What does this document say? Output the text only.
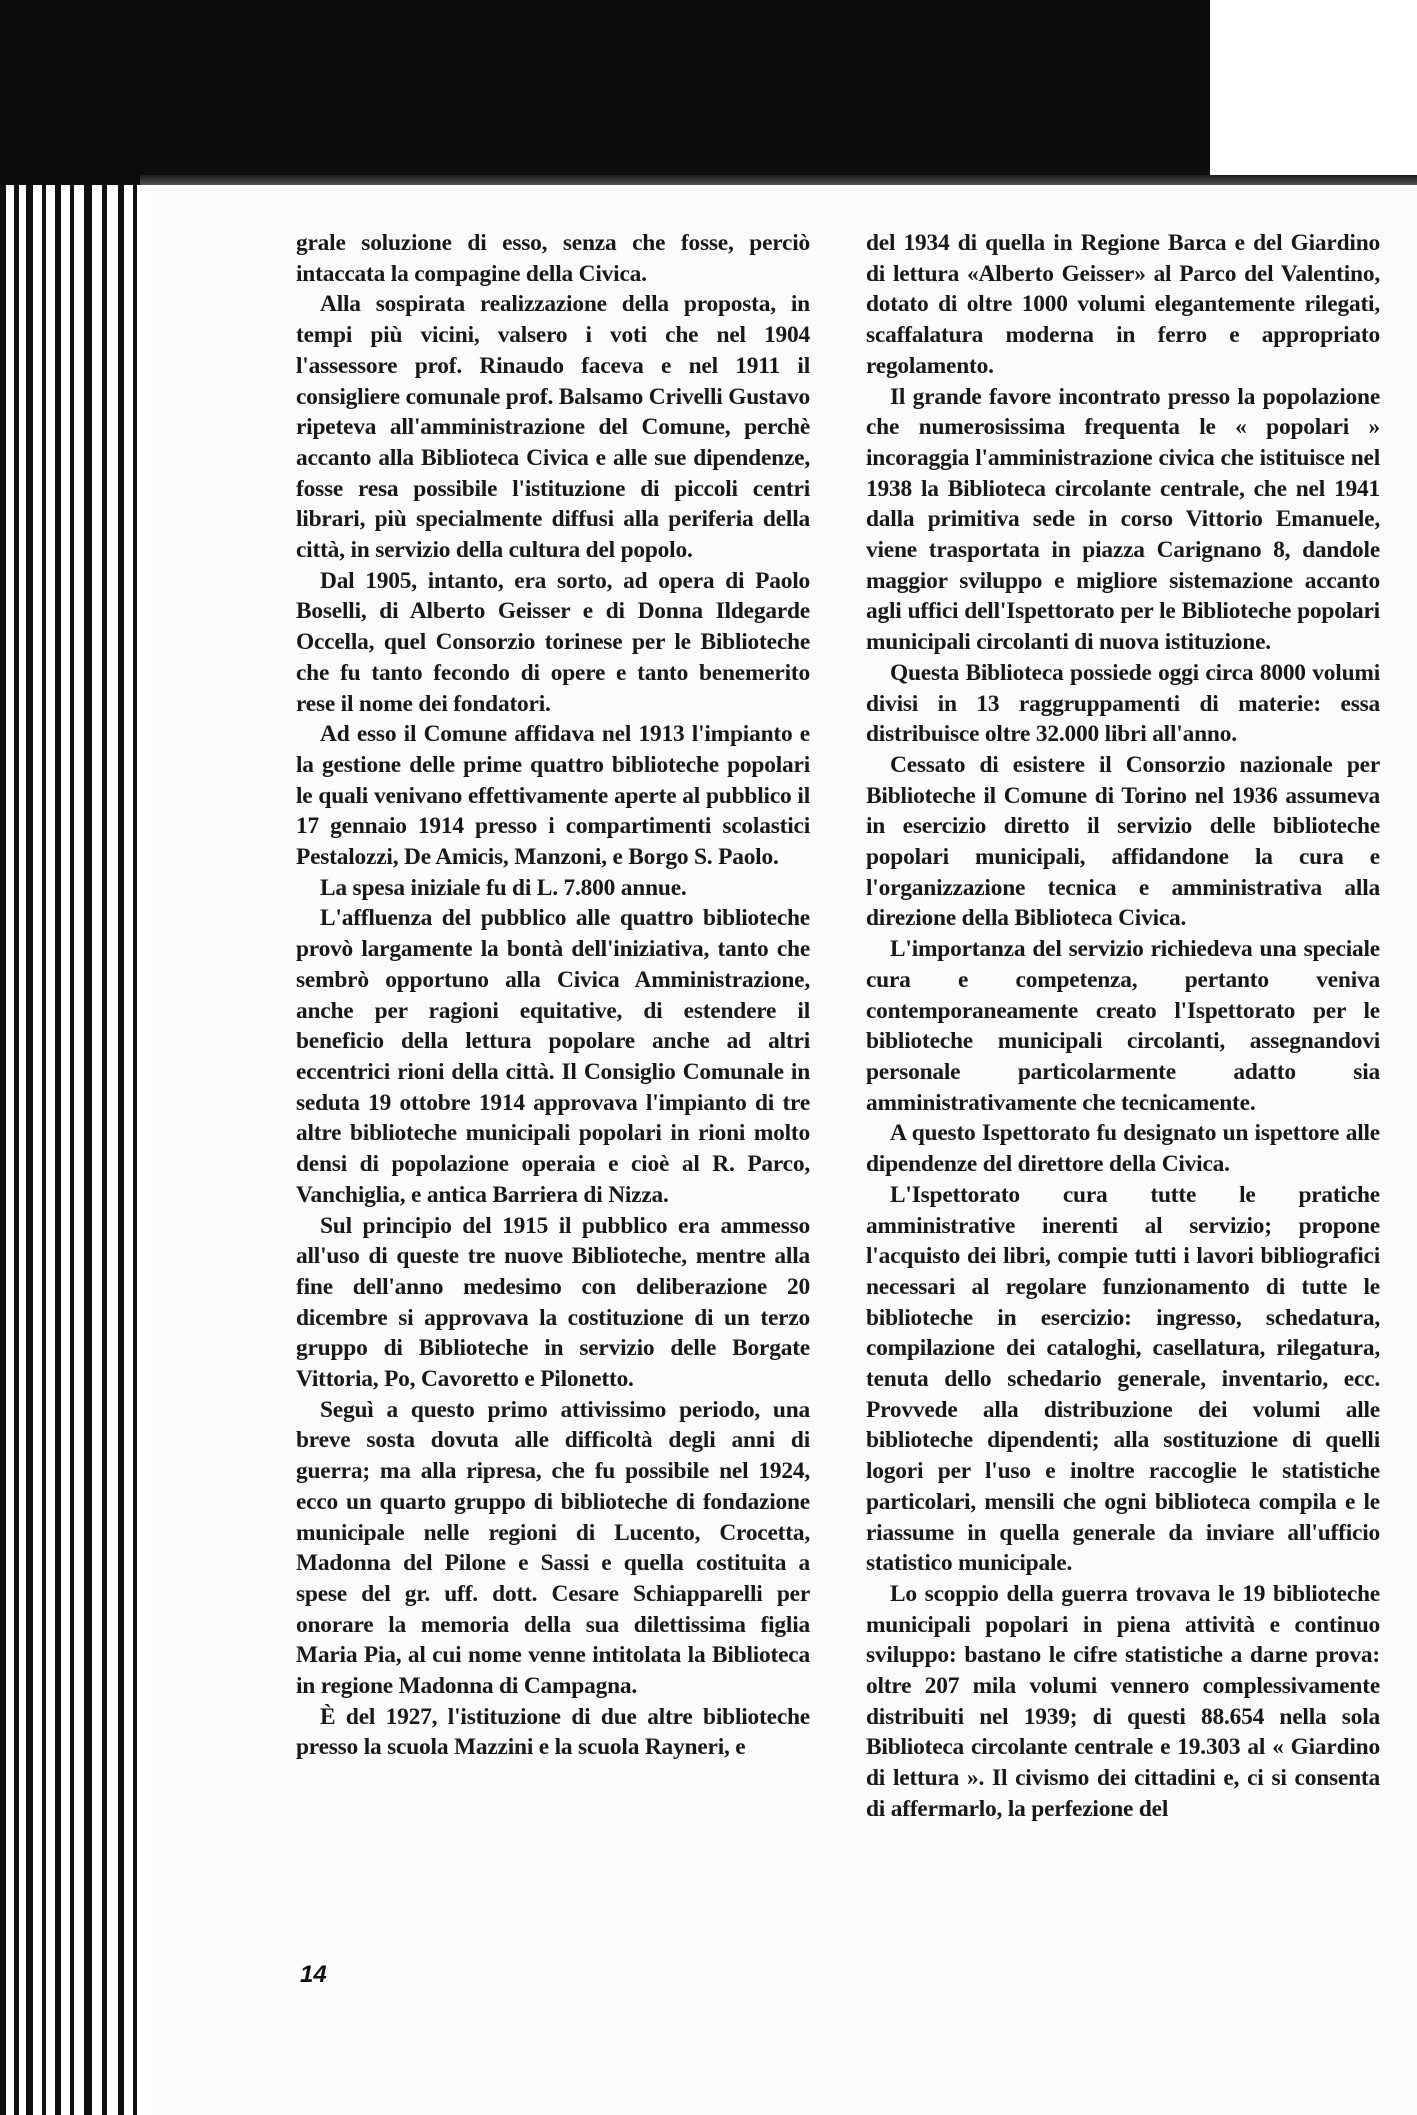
grale soluzione di esso, senza che fosse, perciò intaccata la compagine della Civica.

Alla sospirata realizzazione della proposta, in tempi più vicini, valsero i voti che nel 1904 l'assessore prof. Rinaudo faceva e nel 1911 il consigliere comunale prof. Balsamo Crivelli Gustavo ripeteva all'amministrazione del Comune, perchè accanto alla Biblioteca Civica e alle sue dipendenze, fosse resa possibile l'istituzione di piccoli centri librari, più specialmente diffusi alla periferia della città, in servizio della cultura del popolo.

Dal 1905, intanto, era sorto, ad opera di Paolo Boselli, di Alberto Geisser e di Donna Ildegarde Occella, quel Consorzio torinese per le Biblioteche che fu tanto fecondo di opere e tanto benemerito rese il nome dei fondatori.

Ad esso il Comune affidava nel 1913 l'impianto e la gestione delle prime quattro biblioteche popolari le quali venivano effettivamente aperte al pubblico il 17 gennaio 1914 presso i compartimenti scolastici Pestalozzi, De Amicis, Manzoni, e Borgo S. Paolo.

La spesa iniziale fu di L. 7.800 annue.

L'affluenza del pubblico alle quattro biblioteche provò largamente la bontà dell'iniziativa, tanto che sembrò opportuno alla Civica Amministrazione, anche per ragioni equitative, di estendere il beneficio della lettura popolare anche ad altri eccentrici rioni della città. Il Consiglio Comunale in seduta 19 ottobre 1914 approvava l'impianto di tre altre biblioteche municipali popolari in rioni molto densi di popolazione operaia e cioè al R. Parco, Vanchiglia, e antica Barriera di Nizza.

Sul principio del 1915 il pubblico era ammesso all'uso di queste tre nuove Biblioteche, mentre alla fine dell'anno medesimo con deliberazione 20 dicembre si approvava la costituzione di un terzo gruppo di Biblioteche in servizio delle Borgate Vittoria, Po, Cavoretto e Pilonetto.

Seguì a questo primo attivissimo periodo, una breve sosta dovuta alle difficoltà degli anni di guerra; ma alla ripresa, che fu possibile nel 1924, ecco un quarto gruppo di biblioteche di fondazione municipale nelle regioni di Lucento, Crocetta, Madonna del Pilone e Sassi e quella costituita a spese del gr. uff. dott. Cesare Schiapparelli per onorare la memoria della sua dilettissima figlia Maria Pia, al cui nome venne intitolata la Biblioteca in regione Madonna di Campagna.

È del 1927, l'istituzione di due altre biblioteche presso la scuola Mazzini e la scuola Rayneri, e

del 1934 di quella in Regione Barca e del Giardino di lettura «Alberto Geisser» al Parco del Valentino, dotato di oltre 1000 volumi elegantemente rilegati, scaffalatura moderna in ferro e appropriato regolamento.

Il grande favore incontrato presso la popolazione che numerosissima frequenta le « popolari » incoraggia l'amministrazione civica che istituisce nel 1938 la Biblioteca circolante centrale, che nel 1941 dalla primitiva sede in corso Vittorio Emanuele, viene trasportata in piazza Carignano 8, dandole maggior sviluppo e migliore sistemazione accanto agli uffici dell'Ispettorato per le Biblioteche popolari municipali circolanti di nuova istituzione.

Questa Biblioteca possiede oggi circa 8000 volumi divisi in 13 raggruppamenti di materie: essa distribuisce oltre 32.000 libri all'anno.

Cessato di esistere il Consorzio nazionale per Biblioteche il Comune di Torino nel 1936 assumeva in esercizio diretto il servizio delle biblioteche popolari municipali, affidandone la cura e l'organizzazione tecnica e amministrativa alla direzione della Biblioteca Civica.

L'importanza del servizio richiedeva una speciale cura e competenza, pertanto veniva contemporaneamente creato l'Ispettorato per le biblioteche municipali circolanti, assegnandovi personale particolarmente adatto sia amministrativamente che tecnicamente.

A questo Ispettorato fu designato un ispettore alle dipendenze del direttore della Civica.

L'Ispettorato cura tutte le pratiche amministrative inerenti al servizio; propone l'acquisto dei libri, compie tutti i lavori bibliografici necessari al regolare funzionamento di tutte le biblioteche in esercizio: ingresso, schedatura, compilazione dei cataloghi, casellatura, rilegatura, tenuta dello schedario generale, inventario, ecc. Provvede alla distribuzione dei volumi alle biblioteche dipendenti; alla sostituzione di quelli logori per l'uso e inoltre raccoglie le statistiche particolari, mensili che ogni biblioteca compila e le riassume in quella generale da inviare all'ufficio statistico municipale.

Lo scoppio della guerra trovava le 19 biblioteche municipali popolari in piena attività e continuo sviluppo: bastano le cifre statistiche a darne prova: oltre 207 mila volumi vennero complessivamente distribuiti nel 1939; di questi 88.654 nella sola Biblioteca circolante centrale e 19.303 al « Giardino di lettura ». Il civismo dei cittadini e, ci si consenta di affermarlo, la perfezione del

14
